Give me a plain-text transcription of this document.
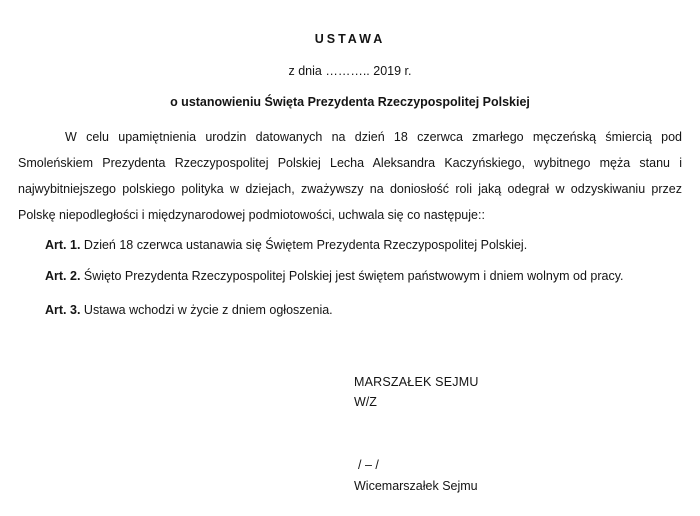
USTAWA
z dnia ……….. 2019 r.
o ustanowieniu Święta Prezydenta Rzeczypospolitej Polskiej
W celu upamiętnienia urodzin datowanych na dzień 18 czerwca zmarłego męczeńską śmiercią pod
Smoleńskiem Prezydenta Rzeczypospolitej Polskiej Lecha Aleksandra Kaczyńskiego, wybitnego męża stanu i
najwybitniejszego polskiego polityka w dziejach, zważywszy na doniosłość roli jaką odegrał w odzyskiwaniu przez
Polskę niepodległości i międzynarodowej podmiotowości, uchwala się co następuje::
Art. 1. Dzień 18 czerwca ustanawia się Świętem Prezydenta Rzeczypospolitej Polskiej.
Art. 2. Święto Prezydenta Rzeczypospolitej Polskiej jest świętem państwowym i dniem wolnym od pracy.
Art. 3. Ustawa wchodzi w życie z dniem ogłoszenia.
MARSZAŁEK SEJMU
W/Z
/ – /
Wicemarszałek Sejmu
